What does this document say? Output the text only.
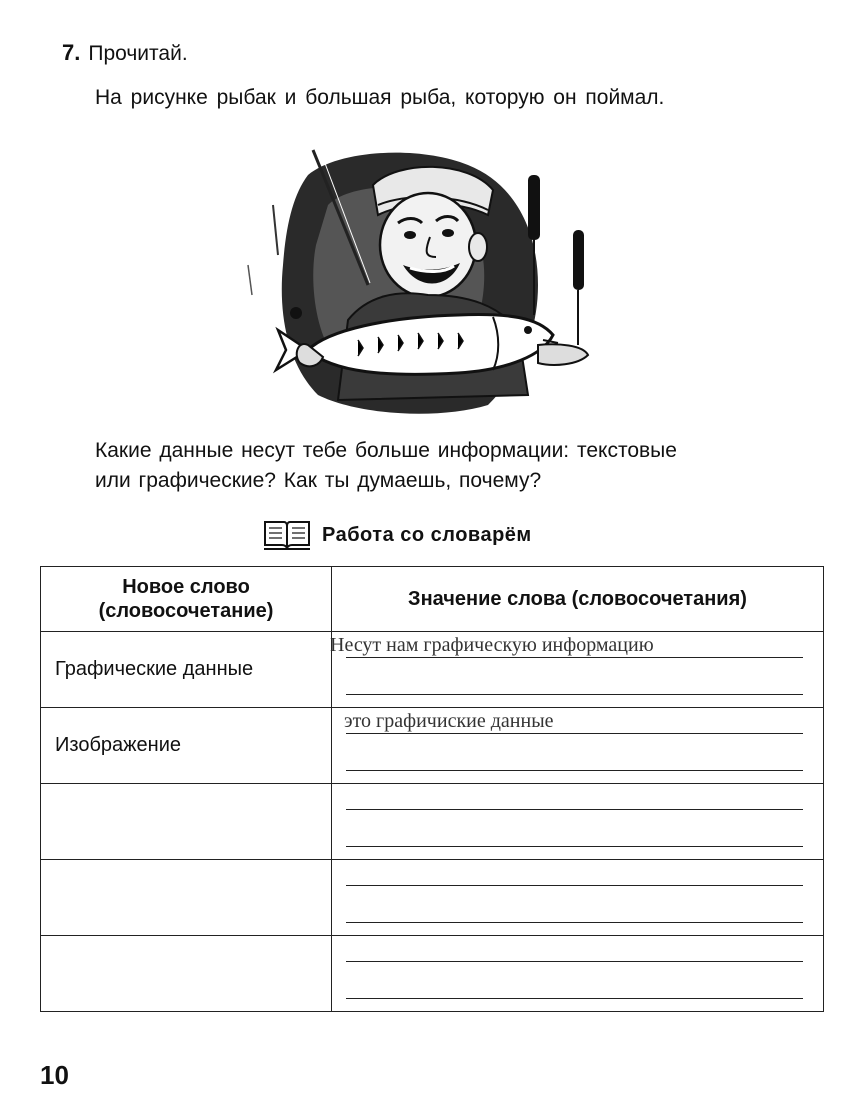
7. Прочитай.
На рисунке рыбак и большая рыба, которую он поймал.
Какие данные несут тебе больше информации: текстовые
или графические? Как ты думаешь, почему?
Работа со словарём
Новое слово
(словосочетание)	Значение слова (словосочетания)
Графические данные	Несут нам графическую информацию

Изображение	это графичиские данные

10
